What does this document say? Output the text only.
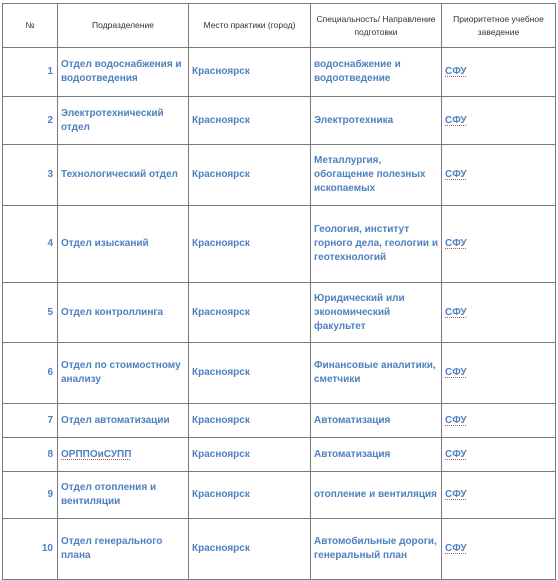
№	Подразделение	Место практики (город)	Специальность/ Направление подготовки	Приоритетное учебное заведение
1	Отдел водоснабжения и водоотведения	Красноярск	водоснабжение и водоотведение	СФУ
2	Электротехнический отдел	Красноярск	Электротехника	СФУ
3	Технологический отдел	Красноярск	Металлургия, обогащение полезных ископаемых	СФУ
4	Отдел изысканий	Красноярск	Геология, институт горного дела, геологии и геотехнологий	СФУ
5	Отдел контроллинга	Красноярск	Юридический или экономический факультет	СФУ
6	Отдел по стоимостному анализу	Красноярск	Финансовые аналитики, сметчики	СФУ
7	Отдел автоматизации	Красноярск	Автоматизация	СФУ
8	ОРППОиСУПП	Красноярск	Автоматизация	СФУ
9	Отдел отопления и вентиляции	Красноярск	отопление и вентиляция	СФУ
10	Отдел генерального плана	Красноярск	Автомобильные дороги, генеральный план	СФУ
